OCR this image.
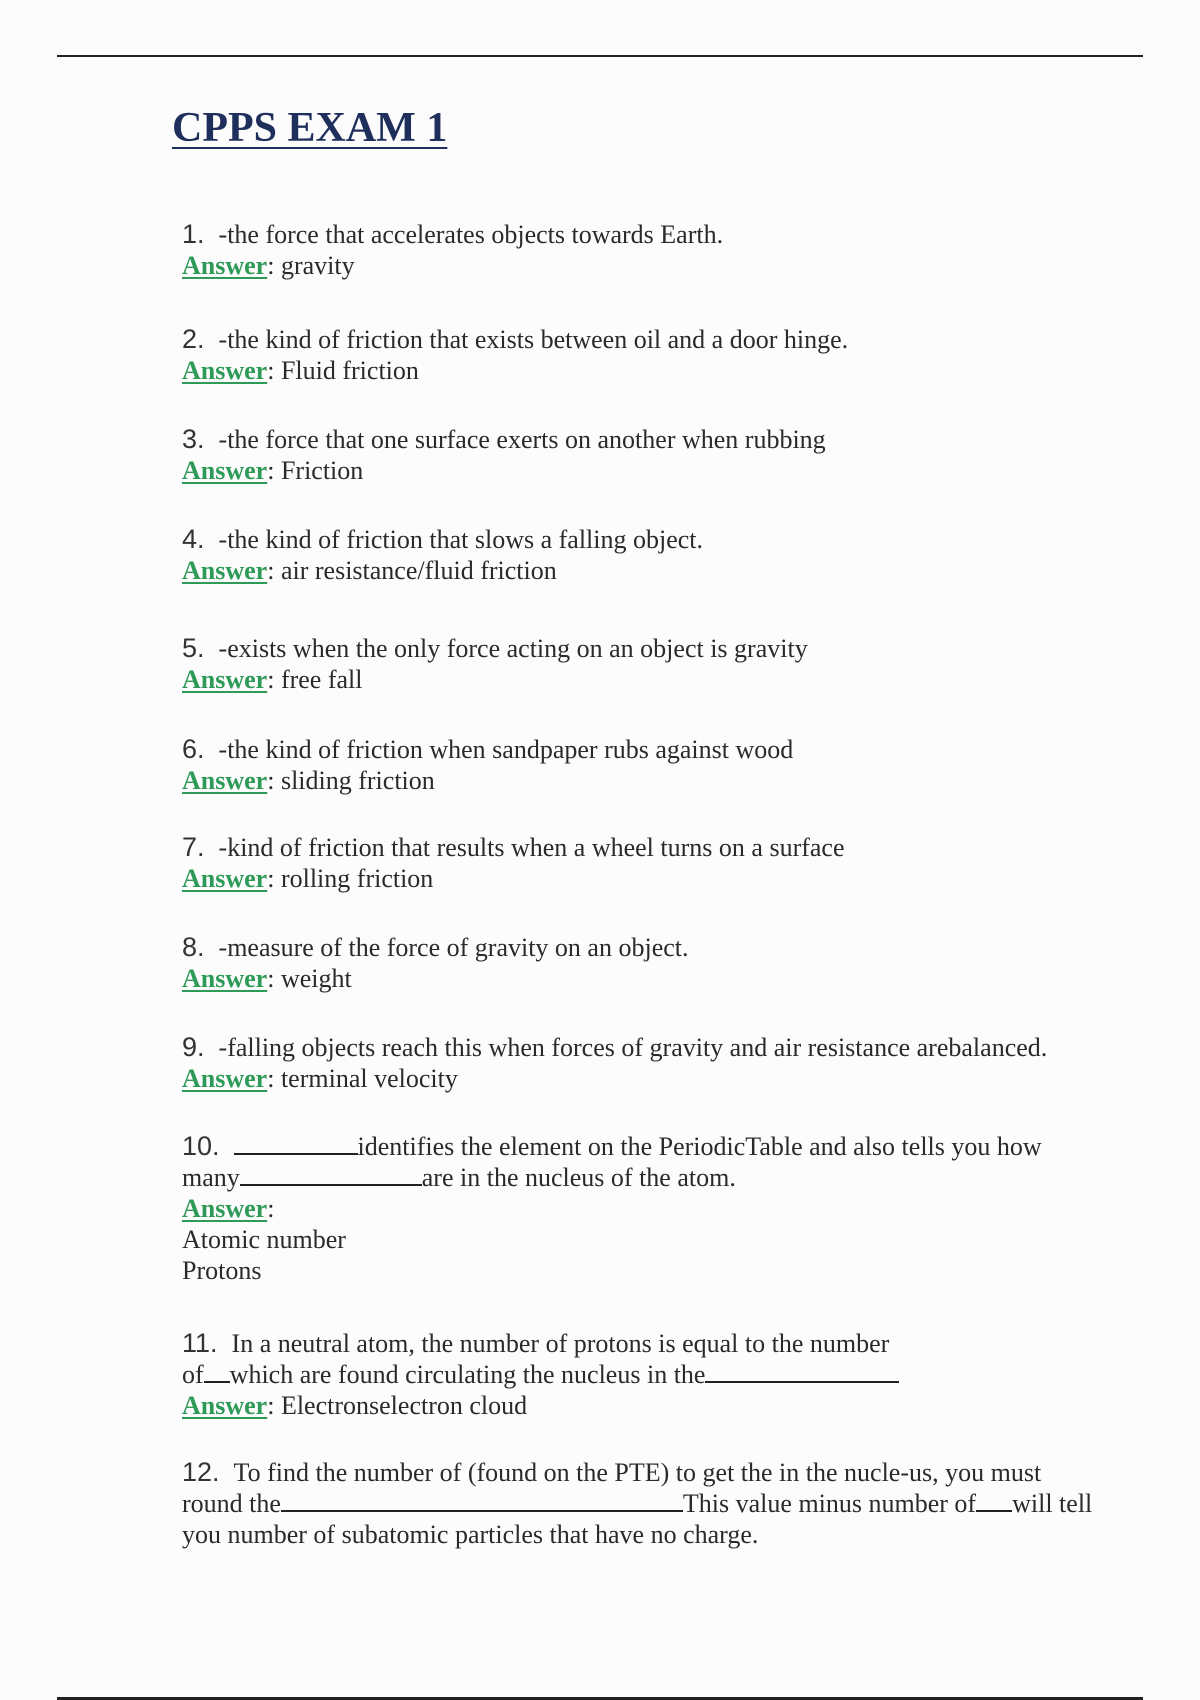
CPPS EXAM 1
1. -the force that accelerates objects towards Earth.
Answer: gravity
2. -the kind of friction that exists between oil and a door hinge.
Answer: Fluid friction
3. -the force that one surface exerts on another when rubbing
Answer: Friction
4. -the kind of friction that slows a falling object.
Answer: air resistance/fluid friction
5. -exists when the only force acting on an object is gravity
Answer: free fall
6. -the kind of friction when sandpaper rubs against wood
Answer: sliding friction
7. -kind of friction that results when a wheel turns on a surface
Answer: rolling friction
8. -measure of the force of gravity on an object.
Answer: weight
9. -falling objects reach this when forces of gravity and air resistance arebalanced.
Answer: terminal velocity
10.	identifies the element on the PeriodicTable and also tells you how
many	are in the nucleus of the atom.
Answer:
Atomic number
Protons
11. In a neutral atom, the number of protons is equal to the number
of which are found circulating the nucleus in the
Answer: Electronselectron cloud
12. To find the number of (found on the PTE) to get the in the nucle-us, you must
round the	This value minus number of will tell
you number of subatomic particles that have no charge.
